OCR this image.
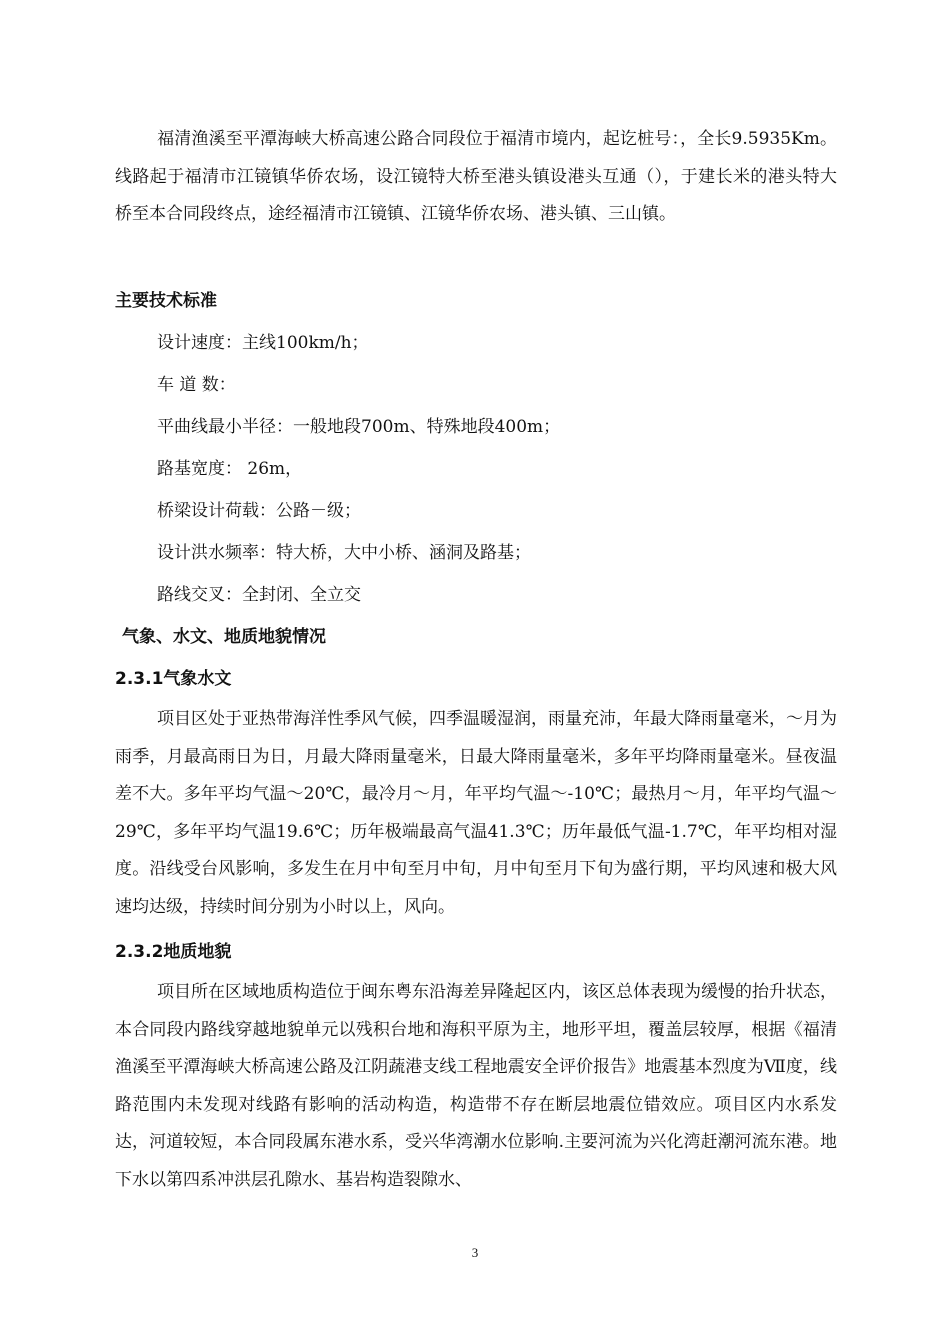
福清渔溪至平潭海峡大桥高速公路合同段位于福清市境内，起讫桩号：，全长9.5935Km。线路起于福清市江镜镇华侨农场，设江镜特大桥至港头镇设港头互通（），于建长米的港头特大桥至本合同段终点，途经福清市江镜镇、江镜华侨农场、港头镇、三山镇。

主要技术标准

设计速度：主线100km/h；

车 道 数：

平曲线最小半径：一般地段700m、特殊地段400m；

路基宽度： 26m，

桥梁设计荷载：公路－级；

设计洪水频率：特大桥，大中小桥、涵洞及路基；

路线交叉：全封闭、全立交

气象、水文、地质地貌情况

2.3.1气象水文

项目区处于亚热带海洋性季风气候，四季温暖湿润，雨量充沛，年最大降雨量毫米，～月为雨季，月最高雨日为日，月最大降雨量毫米，日最大降雨量毫米，多年平均降雨量毫米。昼夜温差不大。多年平均气温～20℃，最冷月～月，年平均气温～-10℃；最热月～月，年平均气温～29℃，多年平均气温19.6℃；历年极端最高气温41.3℃；历年最低气温-1.7℃，年平均相对湿度。沿线受台风影响，多发生在月中旬至月中旬，月中旬至月下旬为盛行期，平均风速和极大风速均达级，持续时间分别为小时以上，风向。

2.3.2地质地貌

项目所在区域地质构造位于闽东粤东沿海差异隆起区内，该区总体表现为缓慢的抬升状态，本合同段内路线穿越地貌单元以残积台地和海积平原为主，地形平坦，覆盖层较厚，根据《福清渔溪至平潭海峡大桥高速公路及江阴蔬港支线工程地震安全评价报告》地震基本烈度为Ⅶ度，线路范围内未发现对线路有影响的活动构造，构造带不存在断层地震位错效应。项目区内水系发达，河道较短，本合同段属东港水系，受兴华湾潮水位影响.主要河流为兴化湾赶潮河流东港。地下水以第四系冲洪层孔隙水、基岩构造裂隙水、

3
